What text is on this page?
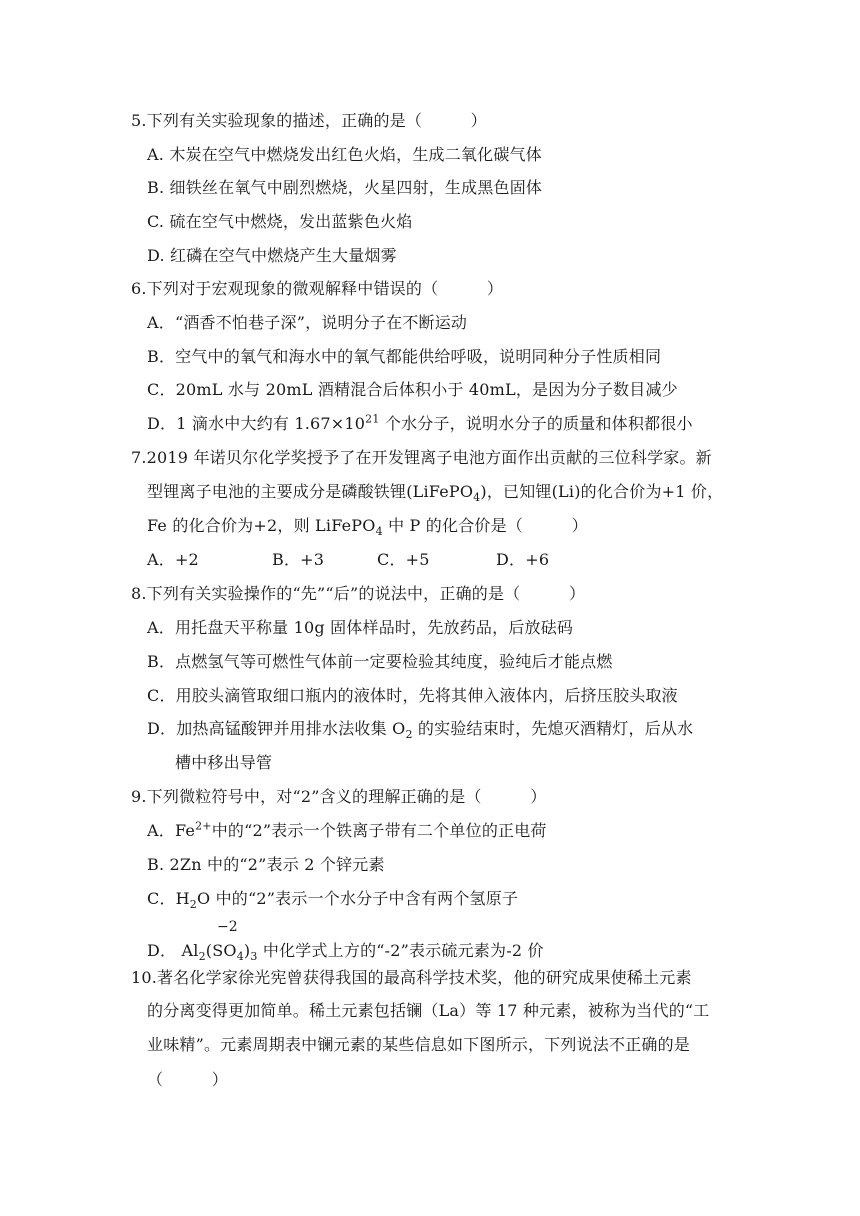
5.下列有关实验现象的描述，正确的是（　　　）
A. 木炭在空气中燃烧发出红色火焰，生成二氧化碳气体
B. 细铁丝在氧气中剧烈燃烧，火星四射，生成黑色固体
C. 硫在空气中燃烧，发出蓝紫色火焰
D. 红磷在空气中燃烧产生大量烟雾
6.下列对于宏观现象的微观解释中错误的（　　　）
A．“酒香不怕巷子深”，说明分子在不断运动
B．空气中的氧气和海水中的氧气都能供给呼吸，说明同种分子性质相同
C．20mL 水与 20mL 酒精混合后体积小于 40mL，是因为分子数目减少
D．1 滴水中大约有 $1.67\times 10^{21}$ 个水分子，说明水分子的质量和体积都很小
7.2019 年诺贝尔化学奖授予了在开发锂离子电池方面作出贡献的三位科学家。新
型锂离子电池的主要成分是磷酸铁锂(LiFePO$_4$)，已知锂(Li)的化合价为+1 价，
Fe 的化合价为+2，则 LiFePO$_4$ 中 P 的化合价是（　　　）
A．+2	B．+3	C．+5	D．+6
8.下列有关实验操作的“先”“后”的说法中，正确的是（　　　）
A．用托盘天平称量 10g 固体样品时，先放药品，后放砝码
B．点燃氢气等可燃性气体前一定要检验其纯度，验纯后才能点燃
C．用胶头滴管取细口瓶内的液体时，先将其伸入液体内，后挤压胶头取液
D．加热高锰酸钾并用排水法收集 $O_2$ 的实验结束时，先熄灭酒精灯，后从水
槽中移出导管
9.下列微粒符号中，对“2”含义的理解正确的是（　　　）
A．$Fe^{2+}$中的“2”表示一个铁离子带有二个单位的正电荷
B. 2Zn 中的“2”表示 2 个锌元素
C．$H_2O$ 中的“2”表示一个水分子中含有两个氢原子
−2
D． $Al_2(SO_4)_3$ 中化学式上方的“-2”表示硫元素为-2 价
10.著名化学家徐光宪曾获得我国的最高科学技术奖，他的研究成果使稀土元素
的分离变得更加简单。稀土元素包括镧（La）等 17 种元素，被称为当代的“工
业味精”。元素周期表中镧元素的某些信息如下图所示，下列说法不正确的是
（　　　）
